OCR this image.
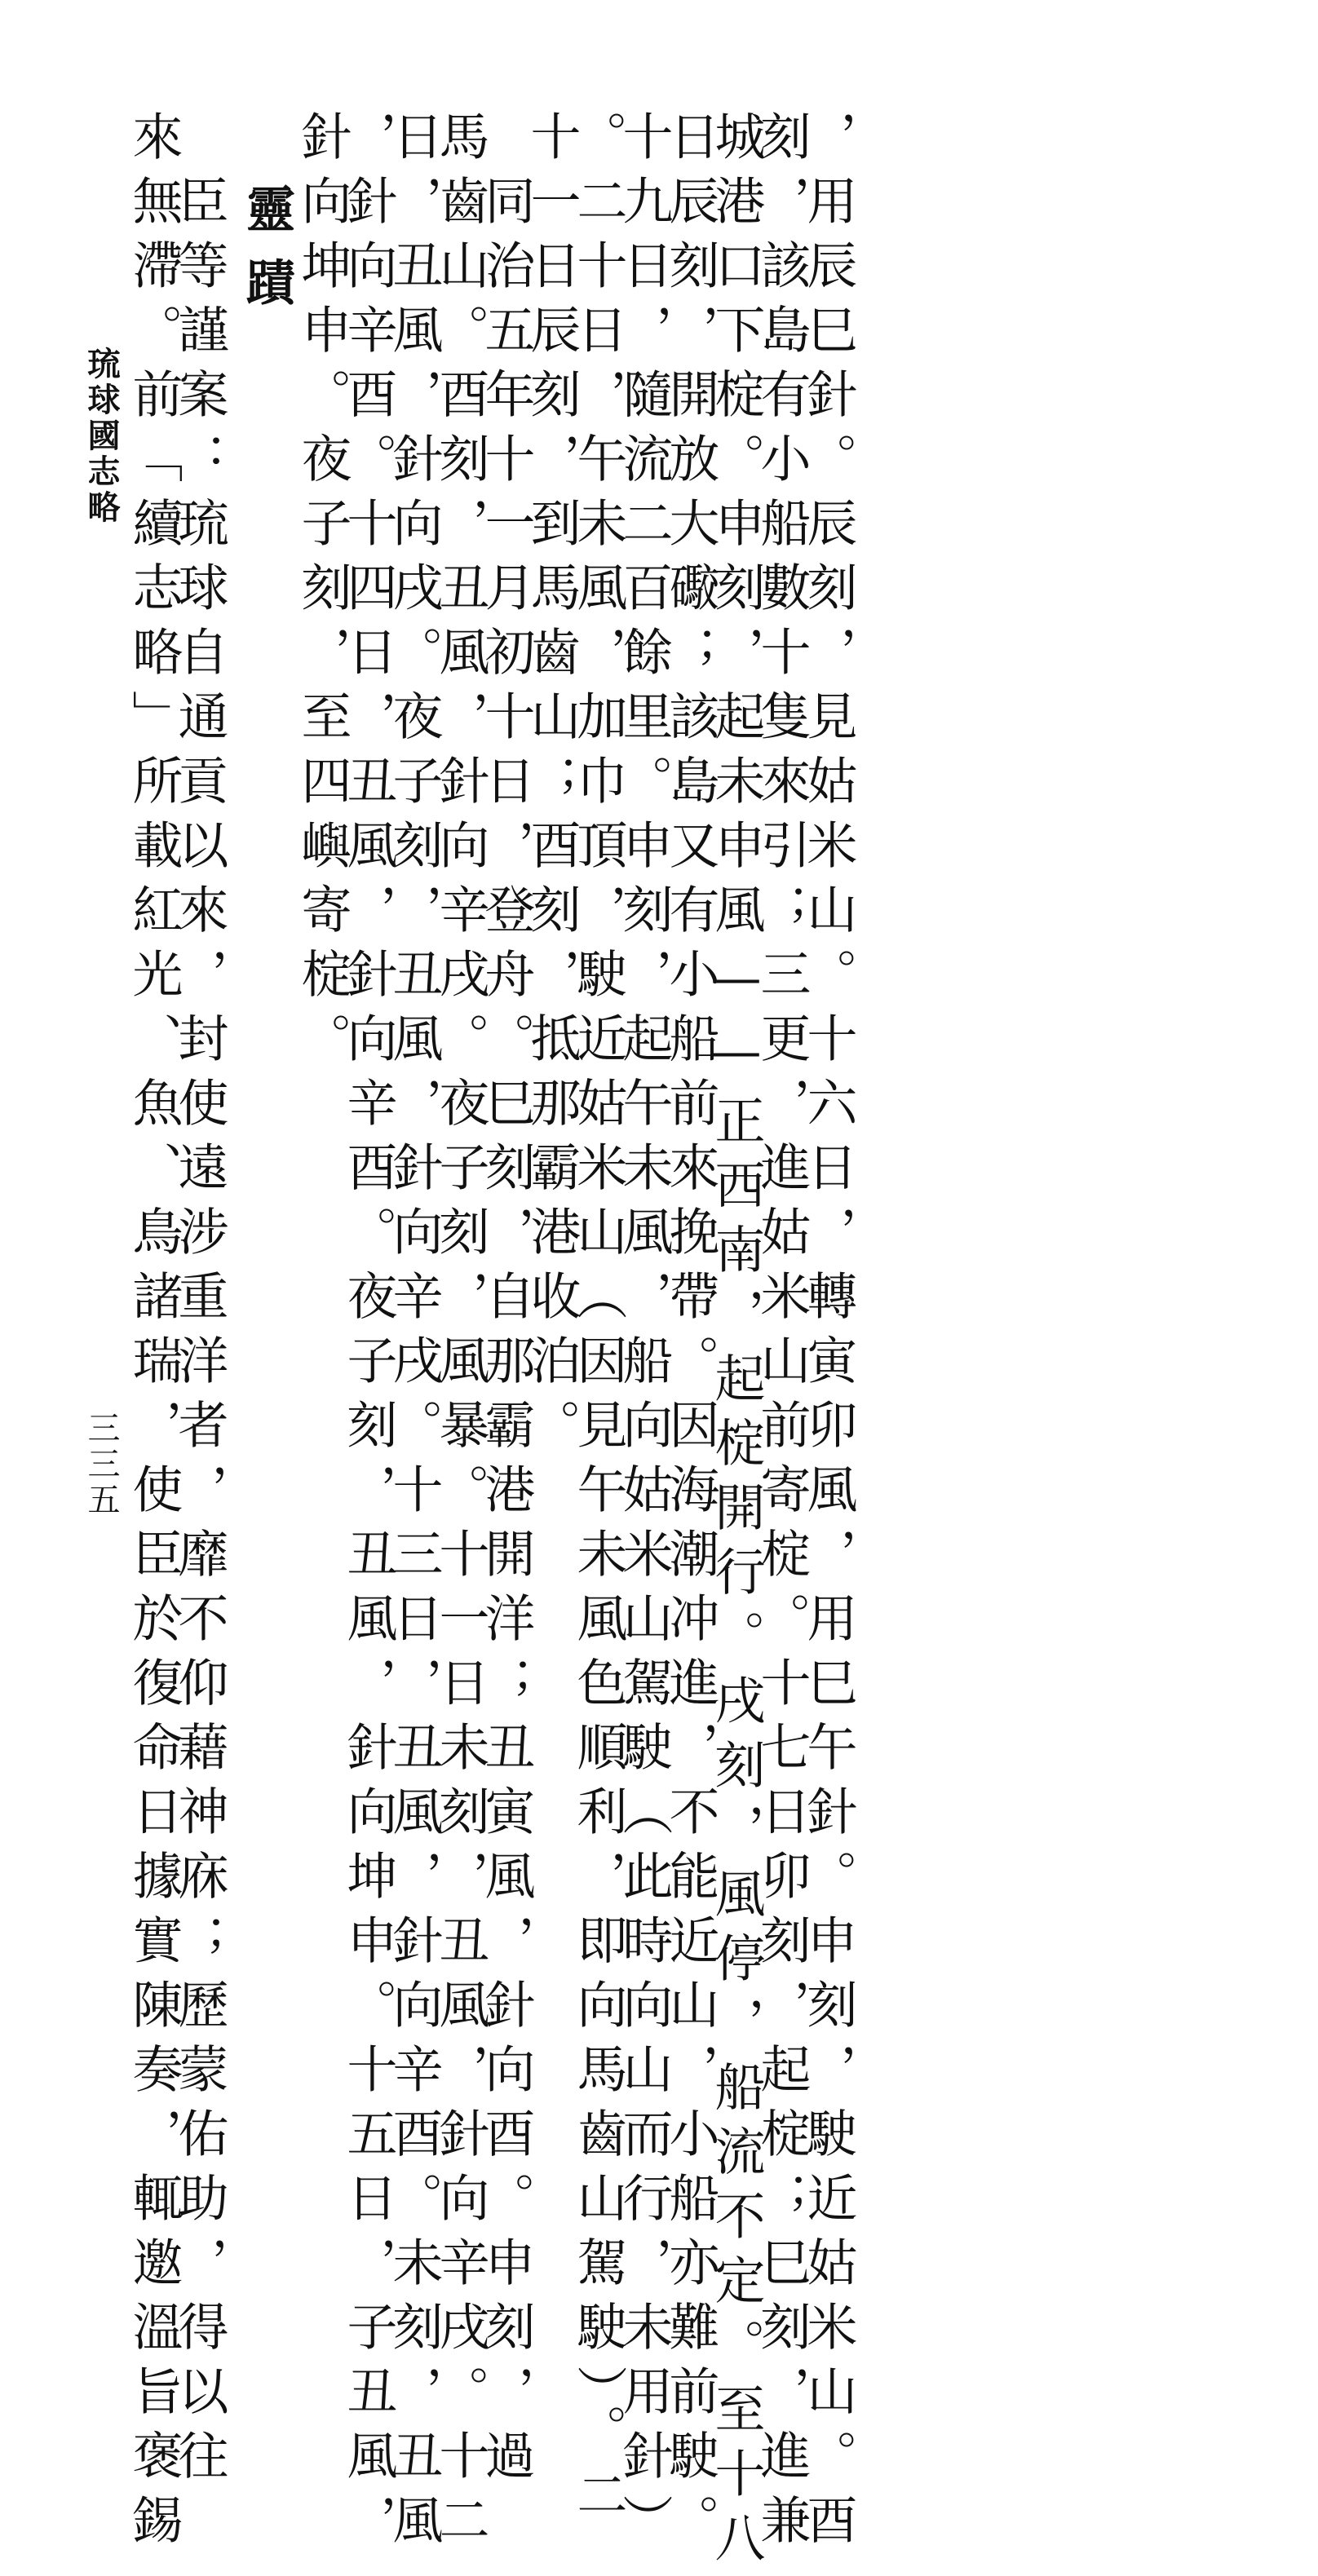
，用辰巳針。辰刻，見姑米山。十六日，轉寅卯風，用巳午針。申刻，駛近姑米山。酉
刻，該島有小船數十隻來引；三更，進姑米山前寄椗。十七日卯刻，起椗；巳刻，進兼
城港口下椗。申刻，起未申風——正西南，起椗開行。戌刻，風停，船流不定。至十八
日辰刻，開放大礮；該島又有小船前來挽帶。因海潮冲進，不能近山，小船亦難前駛。
十九日，隨流二百餘里。申刻，起午未風，船向姑米山駕駛（此時向山而行，未用針）
。二十日，午未風，加巾頂，駛近姑米山（因見午未風色順利，即向馬齒山駕駛）。二
十一日辰刻，到馬齒山；酉刻，抵那霸港收泊。
　同治五年十一月初十日，登舟。巳刻，自那霸港開洋；丑寅風，針向酉。申刻，過
馬齒山。酉刻，丑風，針向辛戌。夜子刻，風暴。十一日未刻，丑風，針向辛戌。十二
日，丑風，針向戌。夜子刻，丑風，針向辛戌。十三日，丑風，針向辛酉。未刻，丑風
，針向辛酉。十四日，丑風，針向辛酉。夜子刻，丑風，針向坤申。十五日，子丑風，
針向坤申。夜子刻，至四嶼寄椗。
靈蹟
　臣等謹案：琉球自通貢以來，封使遠涉重洋者，靡不仰藉神庥；歷蒙佑助，得以往
來無滯。前「續志略」所載紅光、魚、鳥諸瑞，使臣於復命日據實陳奏，輒邀溫旨褒錫
琉球國志略
三三五
